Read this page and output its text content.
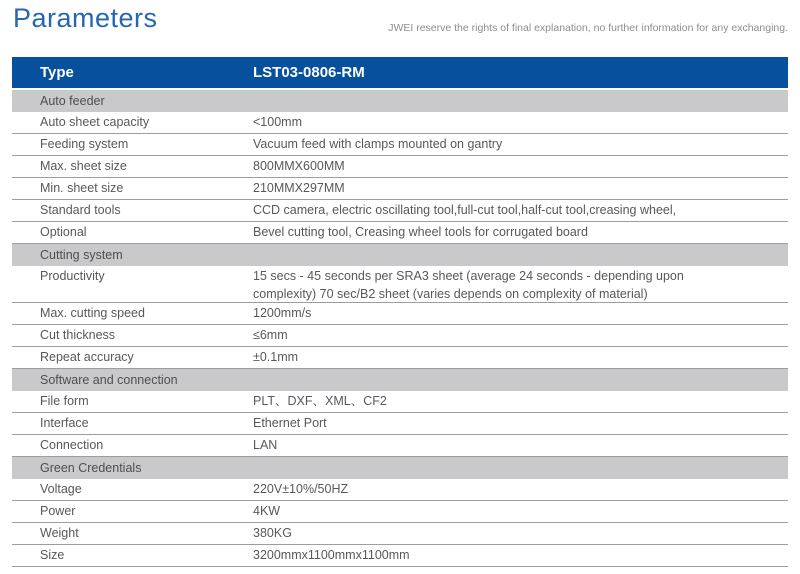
Parameters	JWEI reserve the rights of final explanation, no further information for any exchanging.
Type	LST03-0806-RM
Auto feeder
Auto sheet capacity	<100mm
Feeding system	Vacuum feed with clamps mounted on gantry
Max. sheet size	800MMX600MM
Min. sheet size	210MMX297MM
Standard tools	CCD camera, electric oscillating tool,full-cut tool,half-cut tool,creasing wheel,
Optional	Bevel cutting tool, Creasing wheel tools for corrugated board
Cutting system
Productivity	15 secs - 45 seconds per SRA3 sheet (average 24 seconds - depending upon
complexity) 70 sec/B2 sheet (varies depends on complexity of material)
Max. cutting speed	1200mm/s
Cut thickness	≤6mm
Repeat accuracy	±0.1mm
Software and connection
File form	PLT、DXF、XML、CF2
Interface	Ethernet Port
Connection	LAN
Green Credentials
Voltage	220V±10%/50HZ
Power	4KW
Weight	380KG
Size	3200mmx1100mmx1100mm
